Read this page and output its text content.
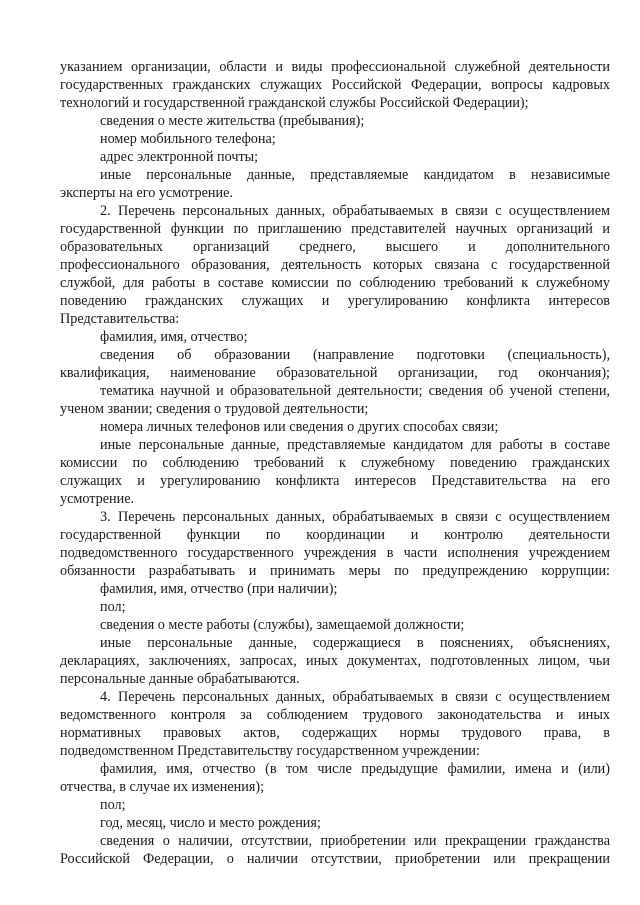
указанием организации, области и виды профессиональной служебной деятельности
государственных гражданских служащих Российской Федерации, вопросы кадровых
технологий и государственной гражданской службы Российской Федерации);
сведения о месте жительства (пребывания);
номер мобильного телефона;
адрес электронной почты;
иные персональные данные, представляемые кандидатом в независимые
эксперты на его усмотрение.
2. Перечень персональных данных, обрабатываемых в связи с осуществлением
государственной функции по приглашению представителей научных организаций и
образовательных организаций среднего, высшего и дополнительного
профессионального образования, деятельность которых связана с государственной
службой, для работы в составе комиссии по соблюдению требований к служебному
поведению гражданских служащих и урегулированию конфликта интересов
Представительства:
фамилия, имя, отчество;
сведения об образовании (направление подготовки (специальность),
квалификация, наименование образовательной организации, год окончания);
тематика научной и образовательной деятельности; сведения об ученой степени,
ученом звании; сведения о трудовой деятельности;
номера личных телефонов или сведения о других способах связи;
иные персональные данные, представляемые кандидатом для работы в составе
комиссии по соблюдению требований к служебному поведению гражданских
служащих и урегулированию конфликта интересов Представительства на его
усмотрение.
3. Перечень персональных данных, обрабатываемых в связи с осуществлением
государственной функции по координации и контролю деятельности
подведомственного государственного учреждения в части исполнения учреждением
обязанности разрабатывать и принимать меры по предупреждению коррупции:
фамилия, имя, отчество (при наличии);
пол;
сведения о месте работы (службы), замещаемой должности;
иные персональные данные, содержащиеся в пояснениях, объяснениях,
декларациях, заключениях, запросах, иных документах, подготовленных лицом, чьи
персональные данные обрабатываются.
4. Перечень персональных данных, обрабатываемых в связи с осуществлением
ведомственного контроля за соблюдением трудового законодательства и иных
нормативных правовых актов, содержащих нормы трудового права, в
подведомственном Представительству государственном учреждении:
фамилия, имя, отчество (в том числе предыдущие фамилии, имена и (или)
отчества, в случае их изменения);
пол;
год, месяц, число и место рождения;
сведения о наличии, отсутствии, приобретении или прекращении гражданства
Российской Федерации, о наличии отсутствии, приобретении или прекращении
